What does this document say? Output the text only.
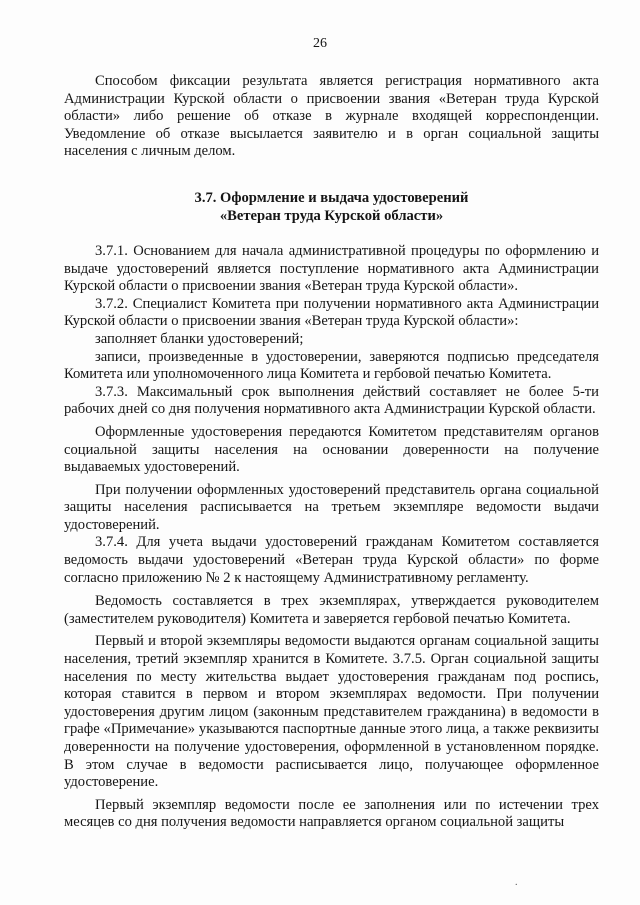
26

Способом фиксации результата является регистрация нормативного акта Администрации Курской области о присвоении звания «Ветеран труда Курской области» либо решение об отказе в журнале входящей корреспонденции. Уведомление об отказе высылается заявителю и в орган социальной защиты населения с личным делом.

3.7. Оформление и выдача удостоверений
«Ветеран труда Курской области»

3.7.1. Основанием для начала административной процедуры по оформлению и выдаче удостоверений является поступление нормативного акта Администрации Курской области о присвоении звания «Ветеран труда Курской области».

3.7.2. Специалист Комитета при получении нормативного акта Администрации Курской области о присвоении звания «Ветеран труда Курской области»:

заполняет бланки удостоверений;

записи, произведенные в удостоверении, заверяются подписью председателя Комитета или уполномоченного лица Комитета и гербовой печатью Комитета.

3.7.3. Максимальный срок выполнения действий составляет не более 5-ти рабочих дней со дня получения нормативного акта Администрации Курской области.

Оформленные удостоверения передаются Комитетом представителям органов социальной защиты населения на основании доверенности на получение выдаваемых удостоверений.

При получении оформленных удостоверений представитель органа социальной защиты населения расписывается на третьем экземпляре ведомости выдачи удостоверений.

3.7.4. Для учета выдачи удостоверений гражданам Комитетом составляется ведомость выдачи удостоверений «Ветеран труда Курской области» по форме согласно приложению № 2 к настоящему Административному регламенту.

Ведомость составляется в трех экземплярах, утверждается руководителем (заместителем руководителя) Комитета и заверяется гербовой печатью Комитета.

Первый и второй экземпляры ведомости выдаются органам социальной защиты населения, третий экземпляр хранится в Комитете. 3.7.5. Орган социальной защиты населения по месту жительства выдает удостоверения гражданам под роспись, которая ставится в первом и втором экземплярах ведомости. При получении удостоверения другим лицом (законным представителем гражданина) в ведомости в графе «Примечание» указываются паспортные данные этого лица, а также реквизиты доверенности на получение удостоверения, оформленной в установленном порядке. В этом случае в ведомости расписывается лицо, получающее оформленное удостоверение.

Первый экземпляр ведомости после ее заполнения или по истечении трех месяцев со дня получения ведомости направляется органом социальной защиты

.
